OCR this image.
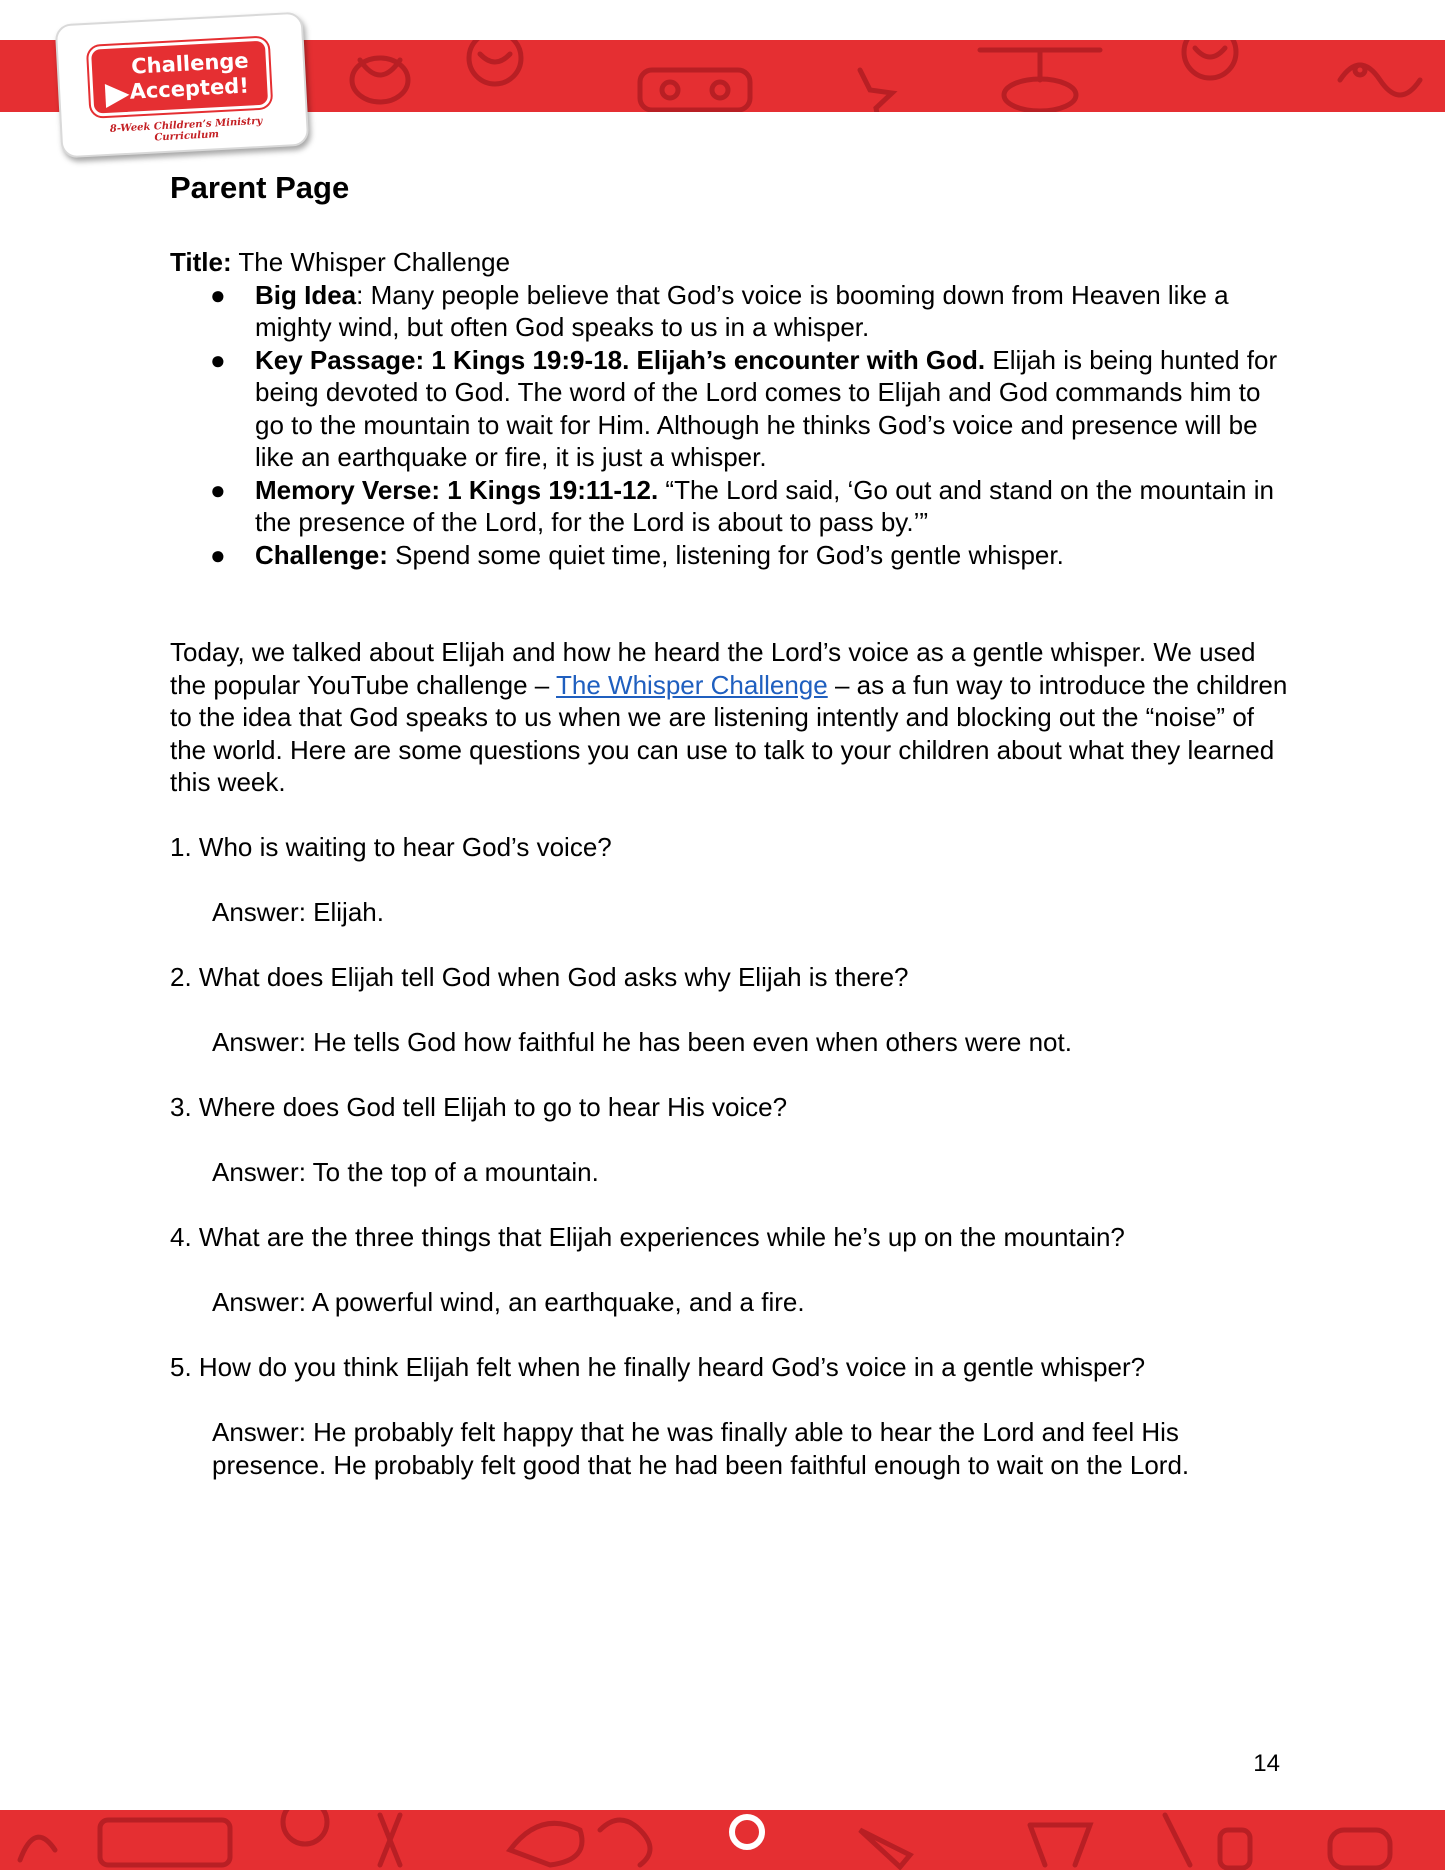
Challenge
Accepted!
8-Week Children’s Ministry Curriculum
Parent Page
Title: The Whisper Challenge
● Big Idea: Many people believe that God’s voice is booming down from Heaven like a mighty wind, but often God speaks to us in a whisper.
● Key Passage: 1 Kings 19:9-18. Elijah’s encounter with God. Elijah is being hunted for being devoted to God. The word of the Lord comes to Elijah and God commands him to go to the mountain to wait for Him. Although he thinks God’s voice and presence will be like an earthquake or fire, it is just a whisper.
● Memory Verse: 1 Kings 19:11-12. “The Lord said, ‘Go out and stand on the mountain in the presence of the Lord, for the Lord is about to pass by.’”
● Challenge: Spend some quiet time, listening for God’s gentle whisper.

Today, we talked about Elijah and how he heard the Lord’s voice as a gentle whisper. We used the popular YouTube challenge – The Whisper Challenge – as a fun way to introduce the children to the idea that God speaks to us when we are listening intently and blocking out the “noise” of the world. Here are some questions you can use to talk to your children about what they learned this week.

1. Who is waiting to hear God’s voice?

Answer: Elijah.

2. What does Elijah tell God when God asks why Elijah is there?

Answer: He tells God how faithful he has been even when others were not.

3. Where does God tell Elijah to go to hear His voice?

Answer: To the top of a mountain.

4. What are the three things that Elijah experiences while he’s up on the mountain?

Answer: A powerful wind, an earthquake, and a fire.

5. How do you think Elijah felt when he finally heard God’s voice in a gentle whisper?

Answer: He probably felt happy that he was finally able to hear the Lord and feel His presence. He probably felt good that he had been faithful enough to wait on the Lord.

14
